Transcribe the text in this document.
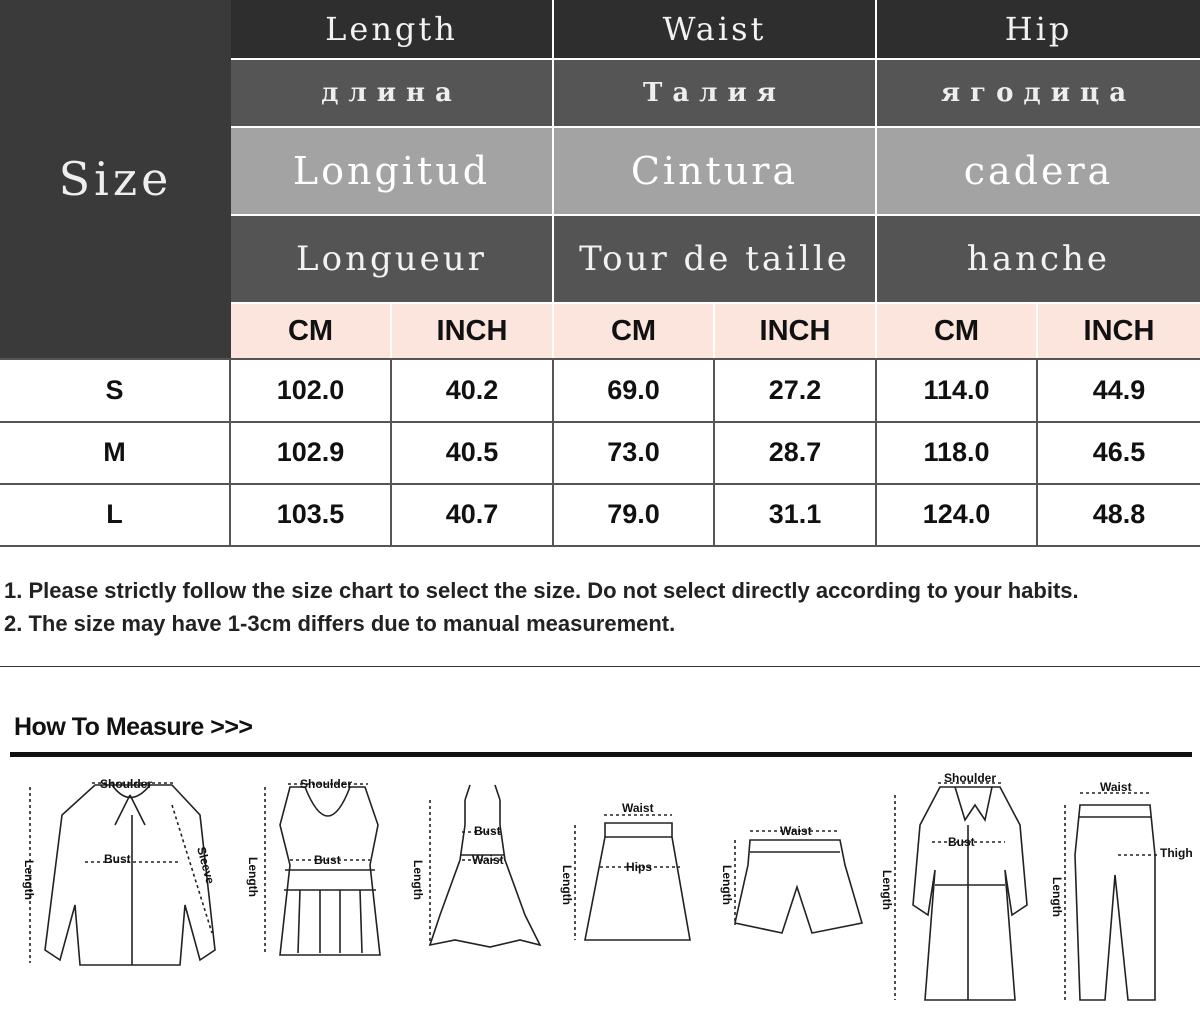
Size
Length	Waist	Hip
длина	Талия	ягодица
Longitud	Cintura	cadera
Longueur	Tour de taille	hanche
CM	INCH	CM	INCH	CM	INCH
S	102.0	40.2	69.0	27.2	114.0	44.9
M	102.9	40.5	73.0	28.7	118.0	46.5
L	103.5	40.7	79.0	31.1	124.0	48.8
1. Please strictly follow the size chart to select the size. Do not select directly according to your habits.
2. The size may have 1-3cm differs due to manual measurement.
How To Measure >>>
Shoulder
Bust	Sleeve
Length
Shoulder
Bust
Length
Bust
Waist
Length
Waist
Hips
Length
Waist
Length
Shoulder
Bust
Length
Waist
Thigh
Length
